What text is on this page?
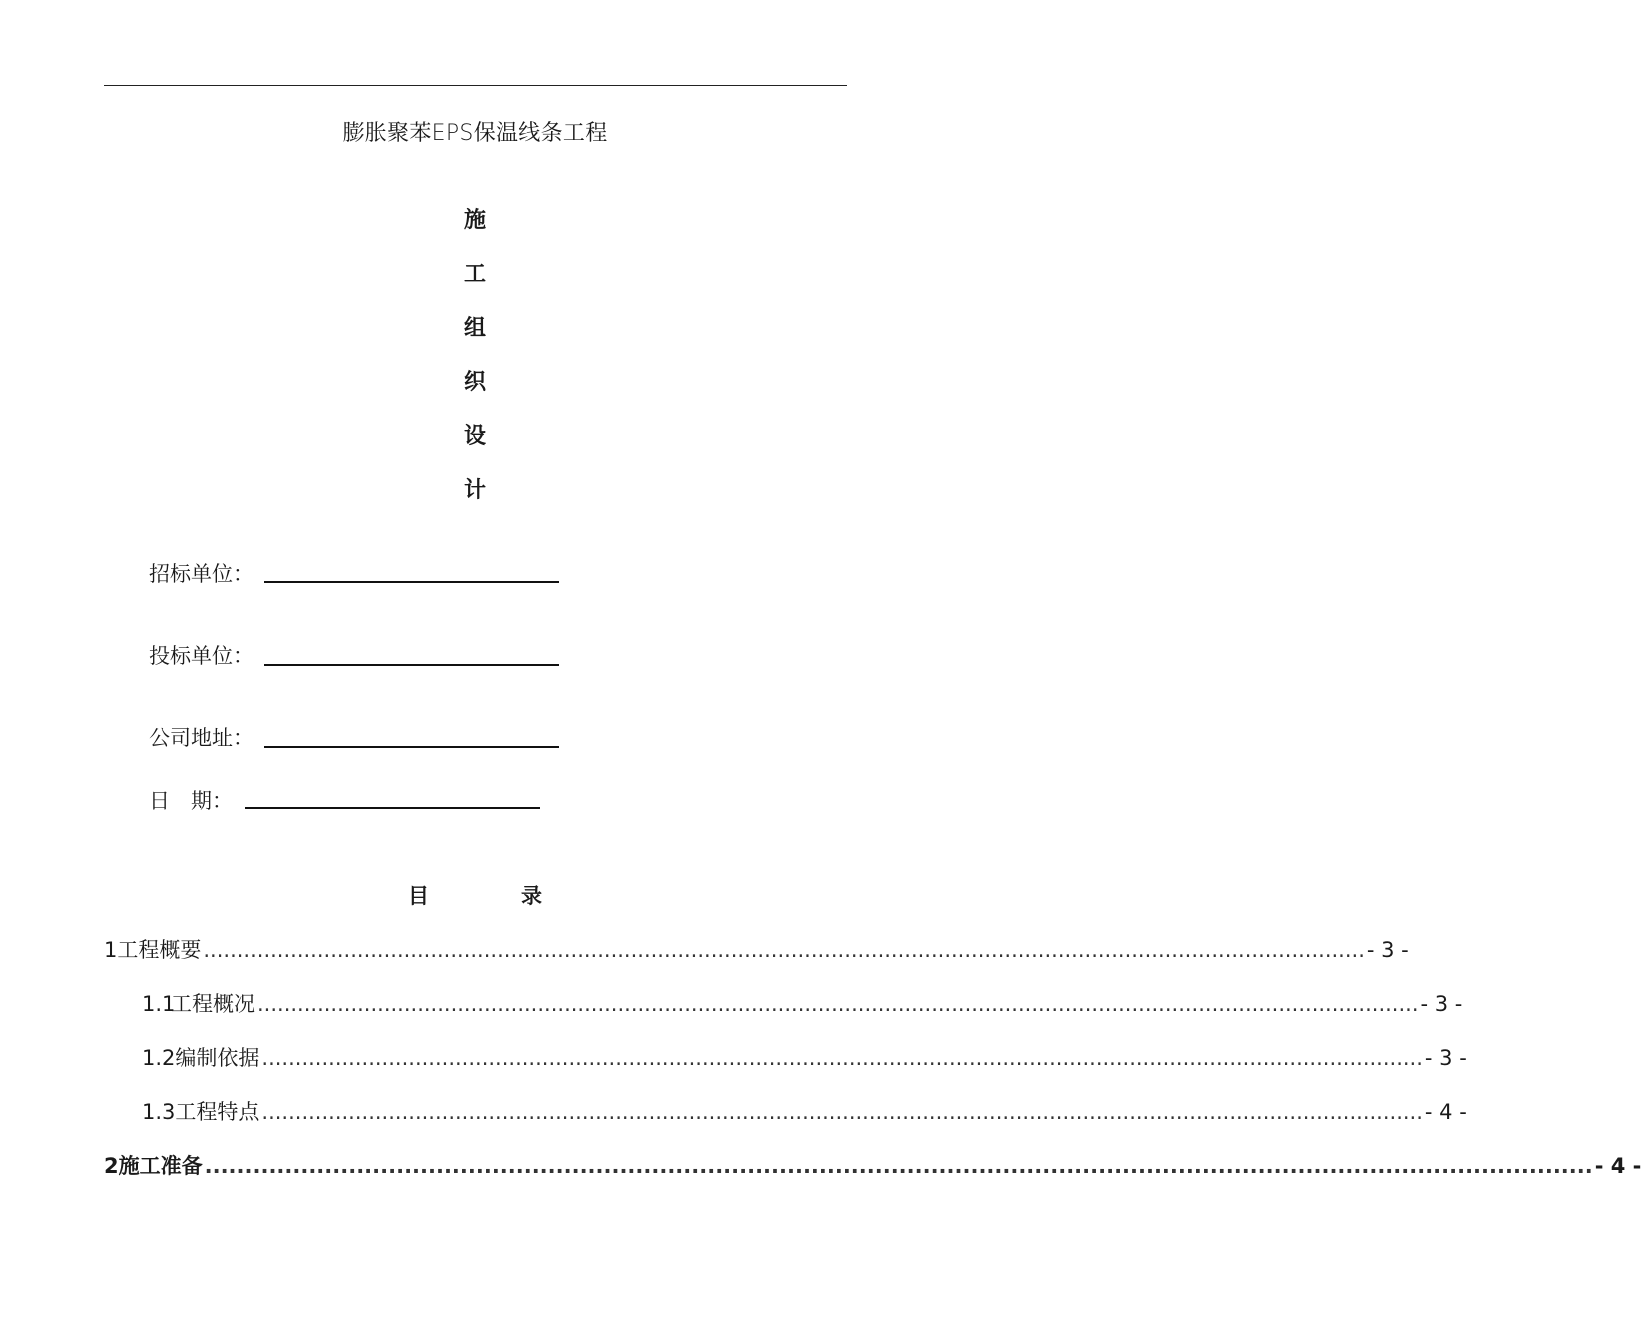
膨胀聚苯EPS保温线条工程
施
工
组
织
设
计
招标单位：
投标单位：
公司地址：
日　期：
目	录
1 工程概要 .............................................................................................................................................................................. - 3 -
1.1
工程概况 .............................................................................................................................................................................. - 3 -
1.2 编制依据 .............................................................................................................................................................................. - 3 -
1.3 工程特点 .............................................................................................................................................................................. - 4 -
2 施工准备 .............................................................................................................................................................................. - 4 -
